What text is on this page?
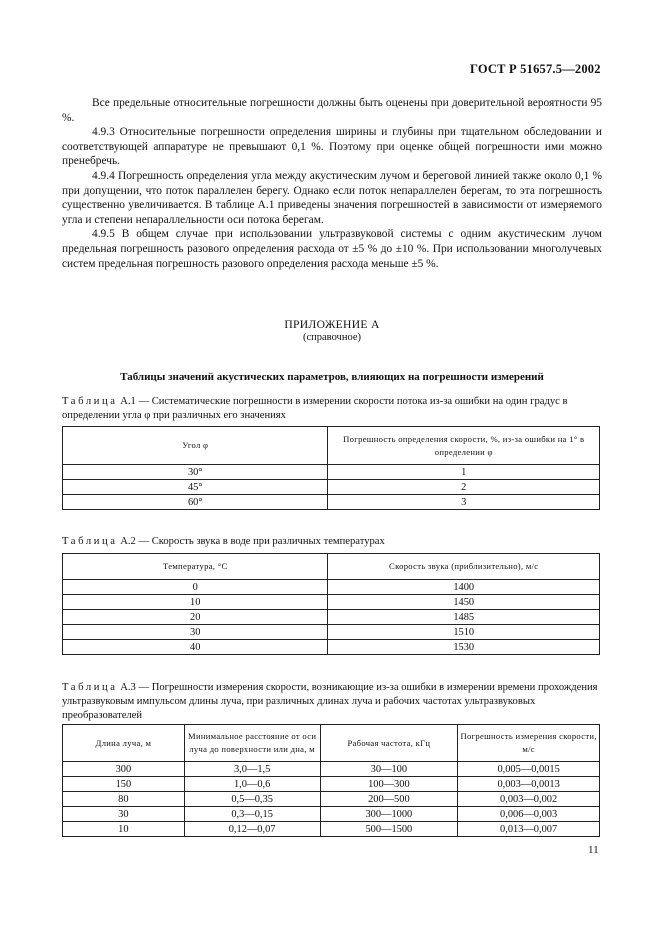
ГОСТ Р 51657.5—2002

Все предельные относительные погрешности должны быть оценены при доверительной вероятности 95 %.

4.9.3 Относительные погрешности определения ширины и глубины при тщательном обследовании и соответствующей аппаратуре не превышают 0,1 %. Поэтому при оценке общей погрешности ими можно пренебречь.

4.9.4 Погрешность определения угла между акустическим лучом и береговой линией также около 0,1 % при допущении, что поток параллелен берегу. Однако если поток непараллелен берегам, то эта погрешность существенно увеличивается. В таблице А.1 приведены значения погрешностей в зависимости от измеряемого угла и степени непараллельности оси потока берегам.

4.9.5 В общем случае при использовании ультразвуковой системы с одним акустическим лучом предельная погрешность разового определения расхода от ±5 % до ±10 %. При использовании многолучевых систем предельная погрешность разового определения расхода меньше ±5 %.

ПРИЛОЖЕНИЕ А
(справочное)
Таблицы значений акустических параметров, влияющих на погрешности измерений
Таблица А.1 — Систематические погрешности в измерении скорости потока из-за ошибки на один градус в определении угла φ при различных его значениях
Угол φ	Погрешность определения скорости, %, из-за ошибки на 1° в определении φ
30°	1
45°	2
60°	3
Таблица А.2 — Скорость звука в воде при различных температурах
Температура, °С	Скорость звука (приблизительно), м/с
0	1400
10	1450
20	1485
30	1510
40	1530
Таблица А.3 — Погрешности измерения скорости, возникающие из-за ошибки в измерении времени прохождения ультразвуковым импульсом длины луча, при различных длинах луча и рабочих частотах ультразвуковых преобразователей
Длина луча, м	Минимальное расстояние от оси луча до поверхности или дна, м	Рабочая частота, кГц	Погрешность измерения скорости, м/с
300	3,0—1,5	30—100	0,005—0,0015
150	1,0—0,6	100—300	0,003—0,0013
80	0,5—0,35	200—500	0,003—0,002
30	0,3—0,15	300—1000	0,006—0,003
10	0,12—0,07	500—1500	0,013—0,007
11
